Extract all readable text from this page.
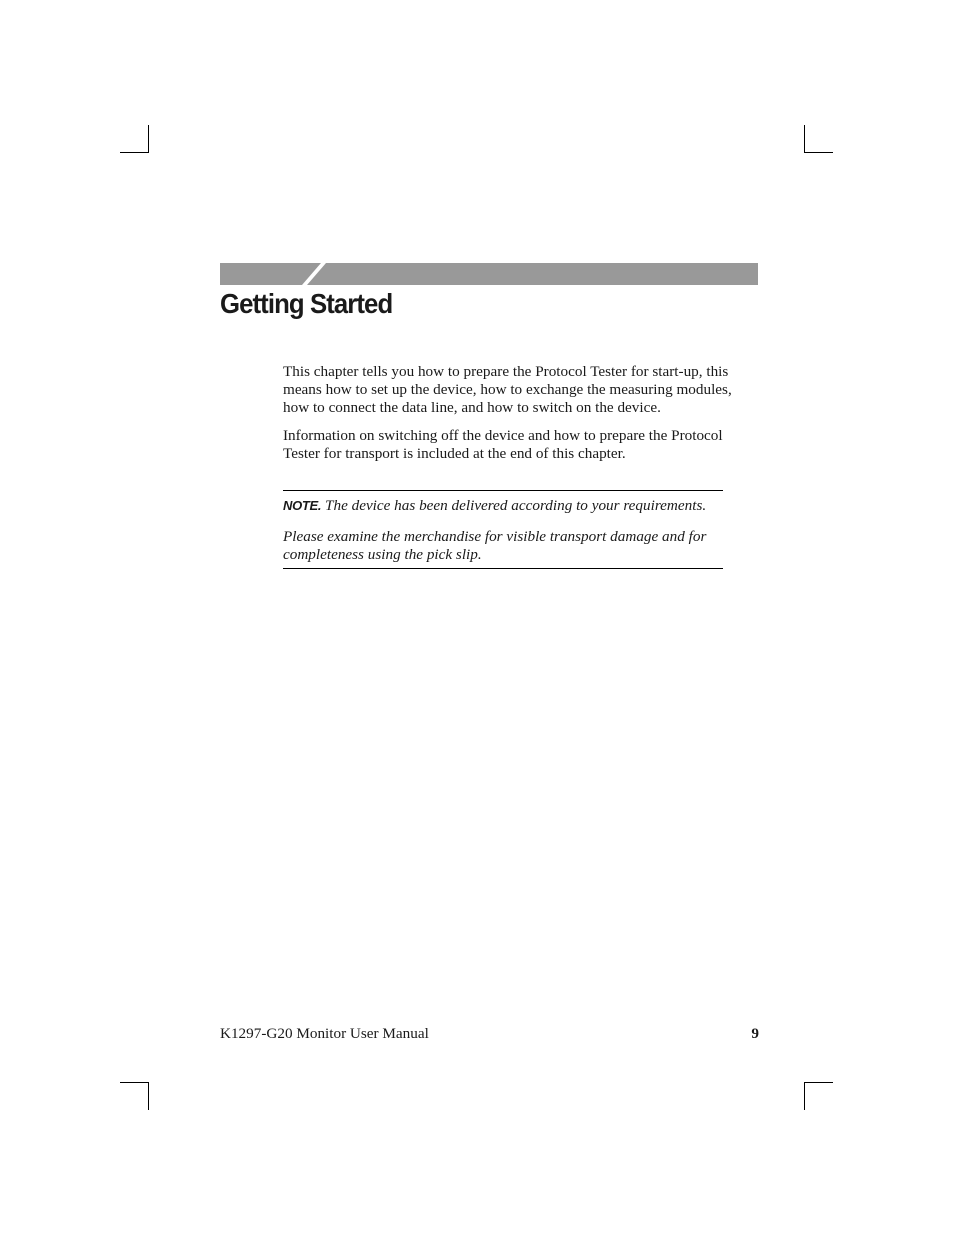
Getting Started

This chapter tells you how to prepare the Protocol Tester for start-up, this means how to set up the device, how to exchange the measuring modules, how to connect the data line, and how to switch on the device.

Information on switching off the device and how to prepare the Protocol Tester for transport is included at the end of this chapter.

NOTE. The device has been delivered according to your requirements.

Please examine the merchandise for visible transport damage and for completeness using the pick slip.

K1297-G20 Monitor User Manual	9
